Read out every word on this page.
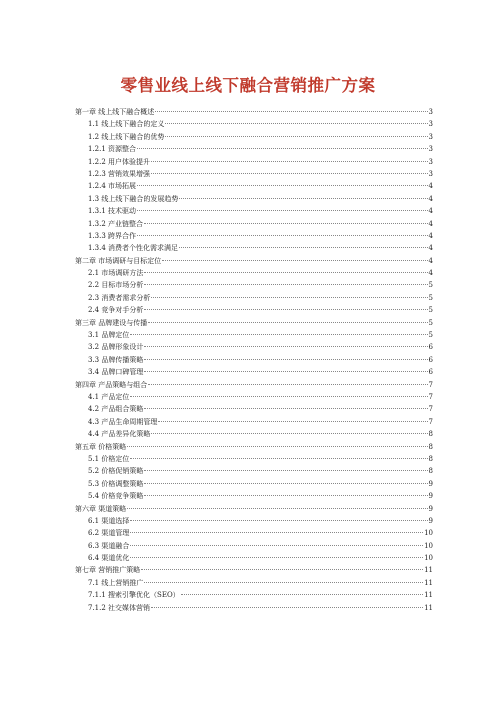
零售业线上线下融合营销推广方案
第一章 线上线下融合概述	3
1.1 线上线下融合的定义	3
1.2 线上线下融合的优势	3
1.2.1 资源整合	3
1.2.2 用户体验提升	3
1.2.3 营销效果增强	3
1.2.4 市场拓展	4
1.3 线上线下融合的发展趋势	4
1.3.1 技术驱动	4
1.3.2 产业链整合	4
1.3.3 跨界合作	4
1.3.4 消费者个性化需求满足	4
第二章 市场调研与目标定位	4
2.1 市场调研方法	4
2.2 目标市场分析	5
2.3 消费者需求分析	5
2.4 竞争对手分析	5
第三章 品牌建设与传播	5
3.1 品牌定位	5
3.2 品牌形象设计	6
3.3 品牌传播策略	6
3.4 品牌口碑管理	6
第四章 产品策略与组合	7
4.1 产品定位	7
4.2 产品组合策略	7
4.3 产品生命周期管理	7
4.4 产品差异化策略	8
第五章 价格策略	8
5.1 价格定位	8
5.2 价格促销策略	8
5.3 价格调整策略	9
5.4 价格竞争策略	9
第六章 渠道策略	9
6.1 渠道选择	9
6.2 渠道管理	10
6.3 渠道融合	10
6.4 渠道优化	10
第七章 营销推广策略	11
7.1 线上营销推广	11
7.1.1 搜索引擎优化（SEO）	11
7.1.2 社交媒体营销	11
